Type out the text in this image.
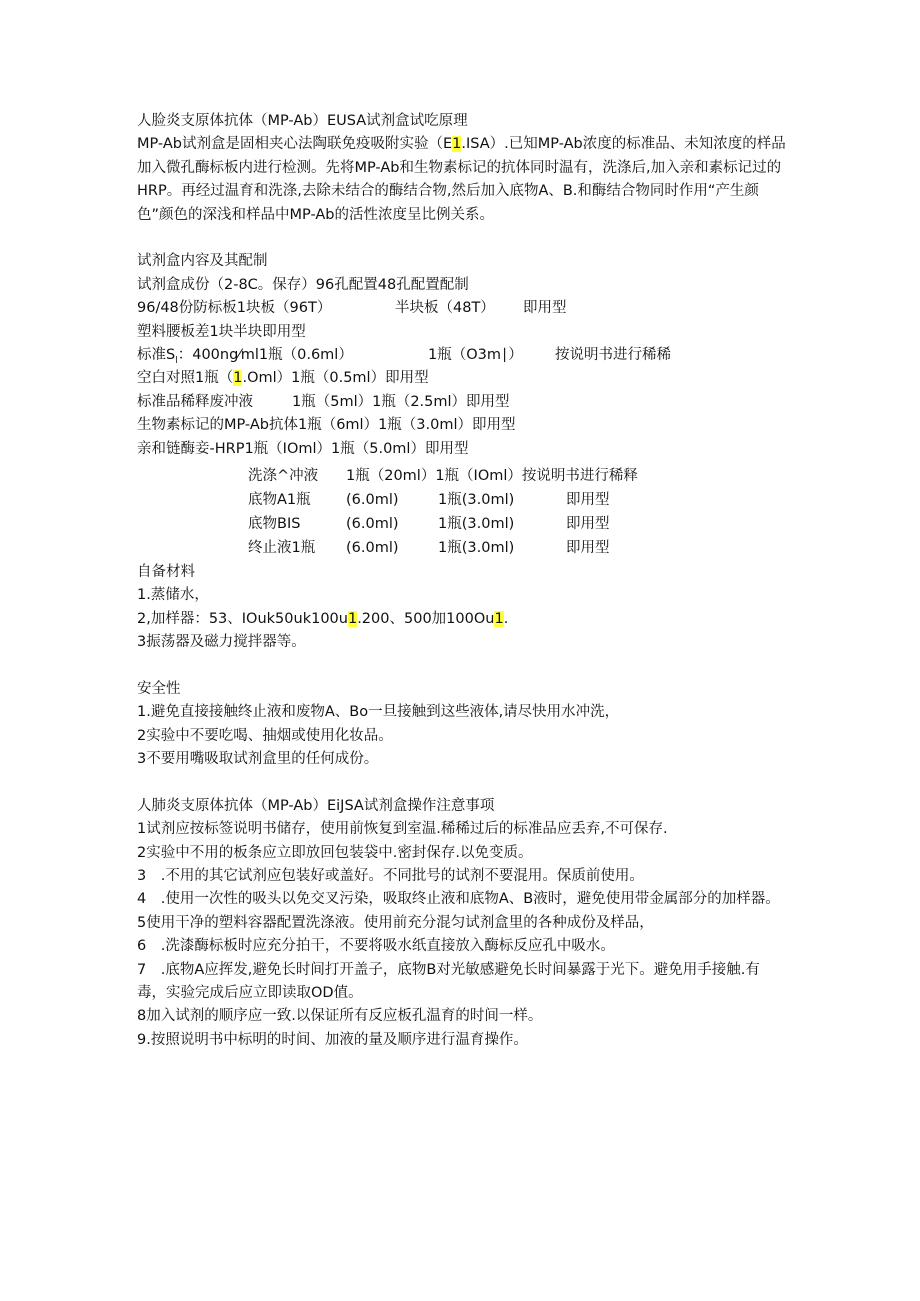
人脸炎支原体抗体（MP-Ab）EUSA试剂盒试吃原理
MP-Ab试剂盒是固相夹心法陶联免疫吸附实验（E1.ISA）.已知MP-Ab浓度的标准品、未知浓度的样品加入微孔酶标板内进行检测。先将MP-Ab和生物素标记的抗体同时温有，洗涤后,加入亲和素标记过的HRP。再经过温育和洗涤,去除未结合的酶结合物,然后加入底物A、B.和酶结合物同时作用“产生颜色”颜色的深浅和样品中MP-Ab的活性浓度呈比例关系。
试剂盒内容及其配制
试剂盒成份（2-8C。保存）96孔配置48孔配置配制
96/48份防标板1块板（96T）	半块板（48T）	即用型
塑料腰板差1块半块即用型
标准$S_l$：400ng⁄ml1瓶（0.6ml）	1瓶（O3m∣）	按说明书进行稀稀
空白对照1瓶（1.Oml）1瓶（0.5ml）即用型
标准品稀释废冲液	1瓶（5ml）1瓶（2.5ml）即用型
生物素标记的MP-Ab抗体1瓶（6ml）1瓶（3.0ml）即用型
亲和链酶妾-HRP1瓶（IOml）1瓶（5.0ml）即用型
洗涤^冲液	1瓶（20ml）1瓶（IOml）按说明书进行稀释
底物A1瓶	(6.0ml)	1瓶(3.0ml)	即用型
底物BIS	(6.0ml)	1瓶(3.0ml)	即用型
终止液1瓶	(6.0ml)	1瓶(3.0ml)	即用型
自备材料
1.蒸储水，
2,加样器：53、IOuk50uk100u1.200、500加100Ou1.
3振荡器及磁力搅拌器等。
安全性
1.避免直接接触终止液和废物A、Bo一旦接触到这些液体,请尽快用水冲洗，
2实验中不要吃喝、抽烟或使用化妆品。
3不要用嘴吸取试剂盒里的任何成份。
人肺炎支原体抗体（MP-Ab）EiJSA试剂盒操作注意事项
1试剂应按标签说明书储存，使用前恢复到室温.稀稀过后的标准品应丢弃,不可保存.
2实验中不用的板条应立即放回包装袋中.密封保存.以免变质。
3　.不用的其它试剂应包装好或盖好。不同批号的试剂不要混用。保质前使用。
4　.使用一次性的吸头以免交叉污染，吸取终止液和底物A、B液时，避免使用带金属部分的加样器。
5使用干净的塑料容器配置洗涤液。使用前充分混匀试剂盒里的各种成份及样品，
6　.洗漆酶标板时应充分拍干，不要将吸水纸直接放入酶标反应孔中吸水。
7　.底物A应挥发,避免长时间打开盖子，底物B对光敏感避免长时间暴露于光下。避免用手接触.有毒，实验完成后应立即读取OD值。
8加入试剂的顺序应一致.以保证所有反应板孔温育的时间一样。
9.按照说明书中标明的时间、加液的量及顺序进行温育操作。
